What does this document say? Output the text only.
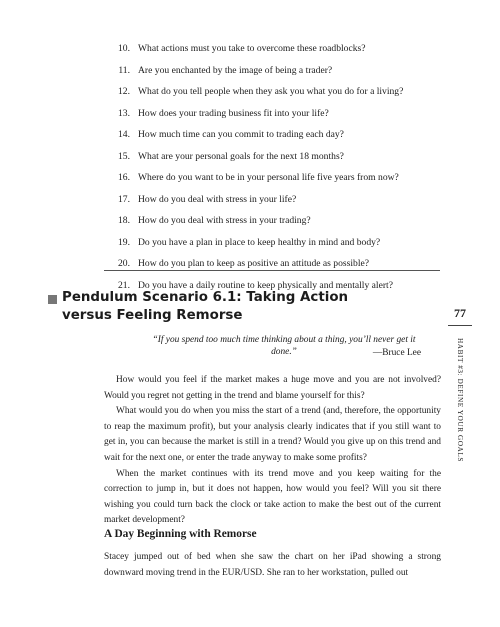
10. What actions must you take to overcome these roadblocks?
11. Are you enchanted by the image of being a trader?
12. What do you tell people when they ask you what you do for a living?
13. How does your trading business fit into your life?
14. How much time can you commit to trading each day?
15. What are your personal goals for the next 18 months?
16. Where do you want to be in your personal life five years from now?
17. How do you deal with stress in your life?
18. How do you deal with stress in your trading?
19. Do you have a plan in place to keep healthy in mind and body?
20. How do you plan to keep as positive an attitude as possible?
21. Do you have a daily routine to keep physically and mentally alert?
Pendulum Scenario 6.1: Taking Action versus Feeling Remorse	77
HABIT #3: DEFINE YOUR GOALS

“If you spend too much time thinking about a thing, you’ll never get it done.”	—Bruce Lee

How would you feel if the market makes a huge move and you are not involved? Would you regret not getting in the trend and blame yourself for this?

What would you do when you miss the start of a trend (and, therefore, the opportunity to reap the maximum profit), but your analysis clearly indicates that if you still want to get in, you can because the market is still in a trend? Would you give up on this trend and wait for the next one, or enter the trade anyway to make some profits?

When the market continues with its trend move and you keep waiting for the correction to jump in, but it does not happen, how would you feel? Will you sit there wishing you could turn back the clock or take action to make the best out of the current market development?

A Day Beginning with Remorse

Stacey jumped out of bed when she saw the chart on her iPad showing a strong downward moving trend in the EUR/USD. She ran to her workstation, pulled out
